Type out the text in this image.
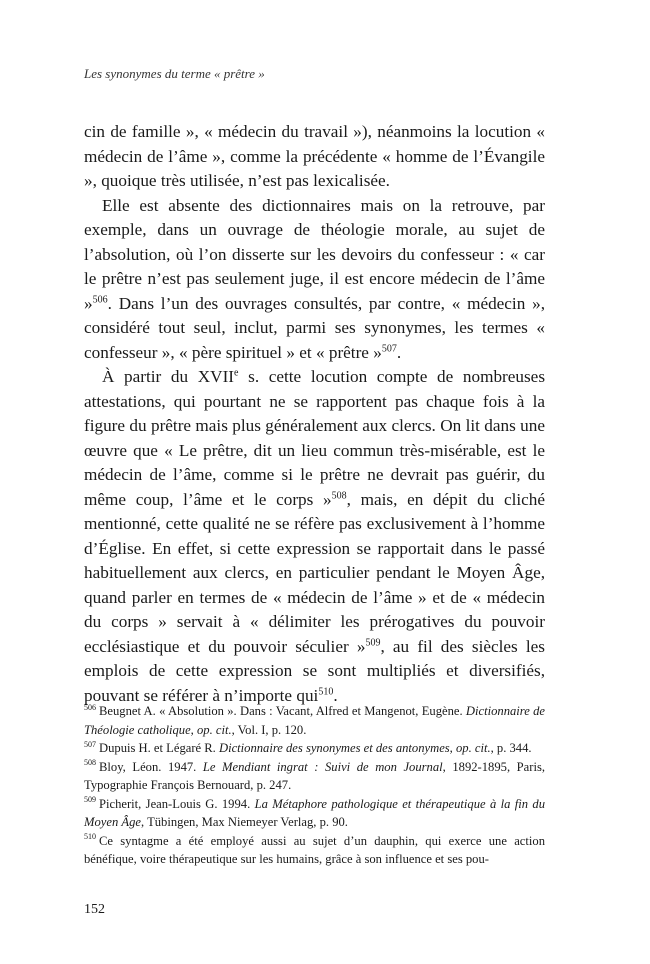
Les synonymes du terme « prêtre »

cin de famille », « médecin du travail »), néanmoins la locution « médecin de l’âme », comme la précédente « homme de l’Évangile », quoique très utilisée, n’est pas lexicalisée.

Elle est absente des dictionnaires mais on la retrouve, par exemple, dans un ouvrage de théologie morale, au sujet de l’absolution, où l’on disserte sur les devoirs du confesseur : « car le prêtre n’est pas seulement juge, il est encore médecin de l’âme »$^{506}$. Dans l’un des ouvrages consultés, par contre, « médecin », considéré tout seul, inclut, parmi ses synonymes, les termes « confesseur », « père spirituel » et « prêtre »$^{507}$.

À partir du XVIIe s. cette locution compte de nombreuses attestations, qui pourtant ne se rapportent pas chaque fois à la figure du prêtre mais plus généralement aux clercs. On lit dans une œuvre que « Le prêtre, dit un lieu commun très-misérable, est le médecin de l’âme, comme si le prêtre ne devrait pas guérir, du même coup, l’âme et le corps »$^{508}$, mais, en dépit du cliché mentionné, cette qualité ne se réfère pas exclusivement à l’homme d’Église. En effet, si cette expression se rapportait dans le passé habituellement aux clercs, en particulier pendant le Moyen Âge, quand parler en termes de « médecin de l’âme » et de « médecin du corps » servait à « délimiter les prérogatives du pouvoir ecclésiastique et du pouvoir séculier »$^{509}$, au fil des siècles les emplois de cette expression se sont multipliés et diversifiés, pouvant se référer à n’importe qui$^{510}$.

$^{506}$ Beugnet A. « Absolution ». Dans : Vacant, Alfred et Mangenot, Eugène. Dictionnaire de Théologie catholique, op. cit., Vol. I, p. 120.

$^{507}$ Dupuis H. et Légaré R. Dictionnaire des synonymes et des antonymes, op. cit., p. 344.

$^{508}$ Bloy, Léon. 1947. Le Mendiant ingrat : Suivi de mon Journal, 1892-1895, Paris, Typographie François Bernouard, p. 247.

$^{509}$ Picherit, Jean-Louis G. 1994. La Métaphore pathologique et thérapeutique à la fin du Moyen Âge, Tübingen, Max Niemeyer Verlag, p. 90.

$^{510}$ Ce syntagme a été employé aussi au sujet d’un dauphin, qui exerce une action bénéfique, voire thérapeutique sur les humains, grâce à son influence et ses pou-

152
